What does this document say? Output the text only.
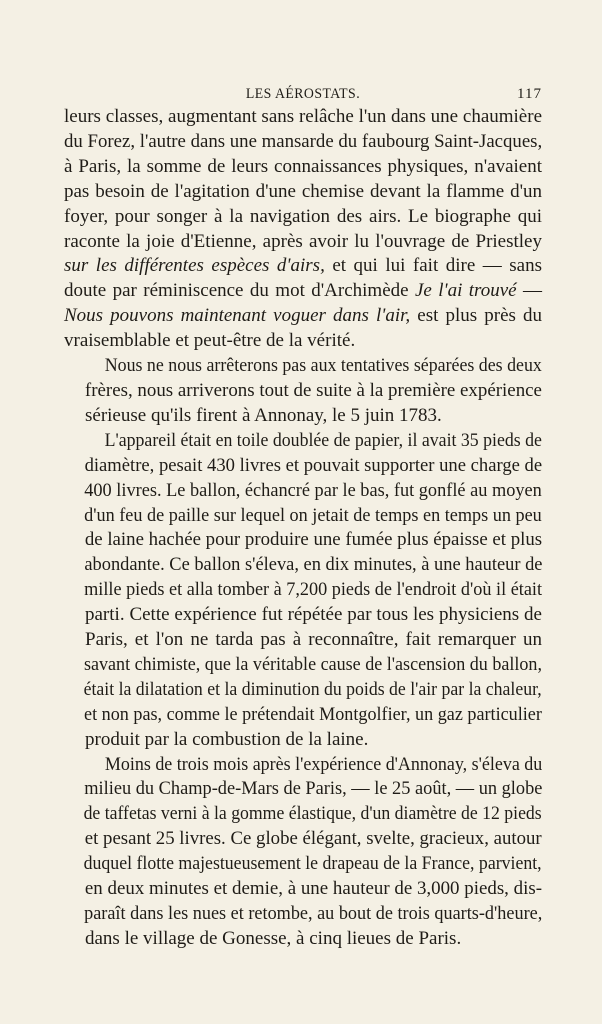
LES AÉROSTATS.	117

leurs classes, augmentant sans relâche l'un dans une chaumière
du Forez, l'autre dans une mansarde du faubourg Saint-Jacques,

à Paris, la somme de leurs connaissances physiques, n'avaient
pas besoin de l'agitation d'une chemise devant la flamme d'un
foyer, pour songer à la navigation des airs. Le biographe qui
raconte la joie d'Etienne, après avoir lu l'ouvrage de Priestley
sur les différentes espèces d'airs, et qui lui fait dire — sans
doute par réminiscence du mot d'Archimède Je l'ai trouvé —
Nous pouvons maintenant voguer dans l'air, est plus près du
vraisemblable et peut-être de la vérité.

Nous ne nous arrêterons pas aux tentatives séparées des deux
frères, nous arriverons tout de suite à la première expérience

sérieuse qu'ils firent à Annonay, le 5 juin 1783.

L'appareil était en toile doublée de papier, il avait 35 pieds de
diamètre, pesait 430 livres et pouvait supporter une charge de
400 livres. Le ballon, échancré par le bas, fut gonflé au moyen
d'un feu de paille sur lequel on jetait de temps en temps un peu
de laine hachée pour produire une fumée plus épaisse et plus
abondante. Ce ballon s'éleva, en dix minutes, à une hauteur de
mille pieds et alla tomber à 7,200 pieds de l'endroit d'où il était

parti. Cette expérience fut répétée par tous les physiciens de
Paris, et l'on ne tarda pas à reconnaître, fait remarquer un
savant chimiste, que la véritable cause de l'ascension du ballon,
était la dilatation et la diminution du poids de l'air par la chaleur,
et non pas, comme le prétendait Montgolfier, un gaz particulier

produit par la combustion de la laine.

Moins de trois mois après l'expérience d'Annonay, s'éleva du
milieu du Champ-de-Mars de Paris, — le 25 août, — un globe
de taffetas verni à la gomme élastique, d'un diamètre de 12 pieds
et pesant 25 livres. Ce globe élégant, svelte, gracieux, autour
duquel flotte majestueusement le drapeau de la France, parvient,
en deux minutes et demie, à une hauteur de 3,000 pieds, dis-
paraît dans les nues et retombe, au bout de trois quarts-d'heure,

dans le village de Gonesse, à cinq lieues de Paris.
